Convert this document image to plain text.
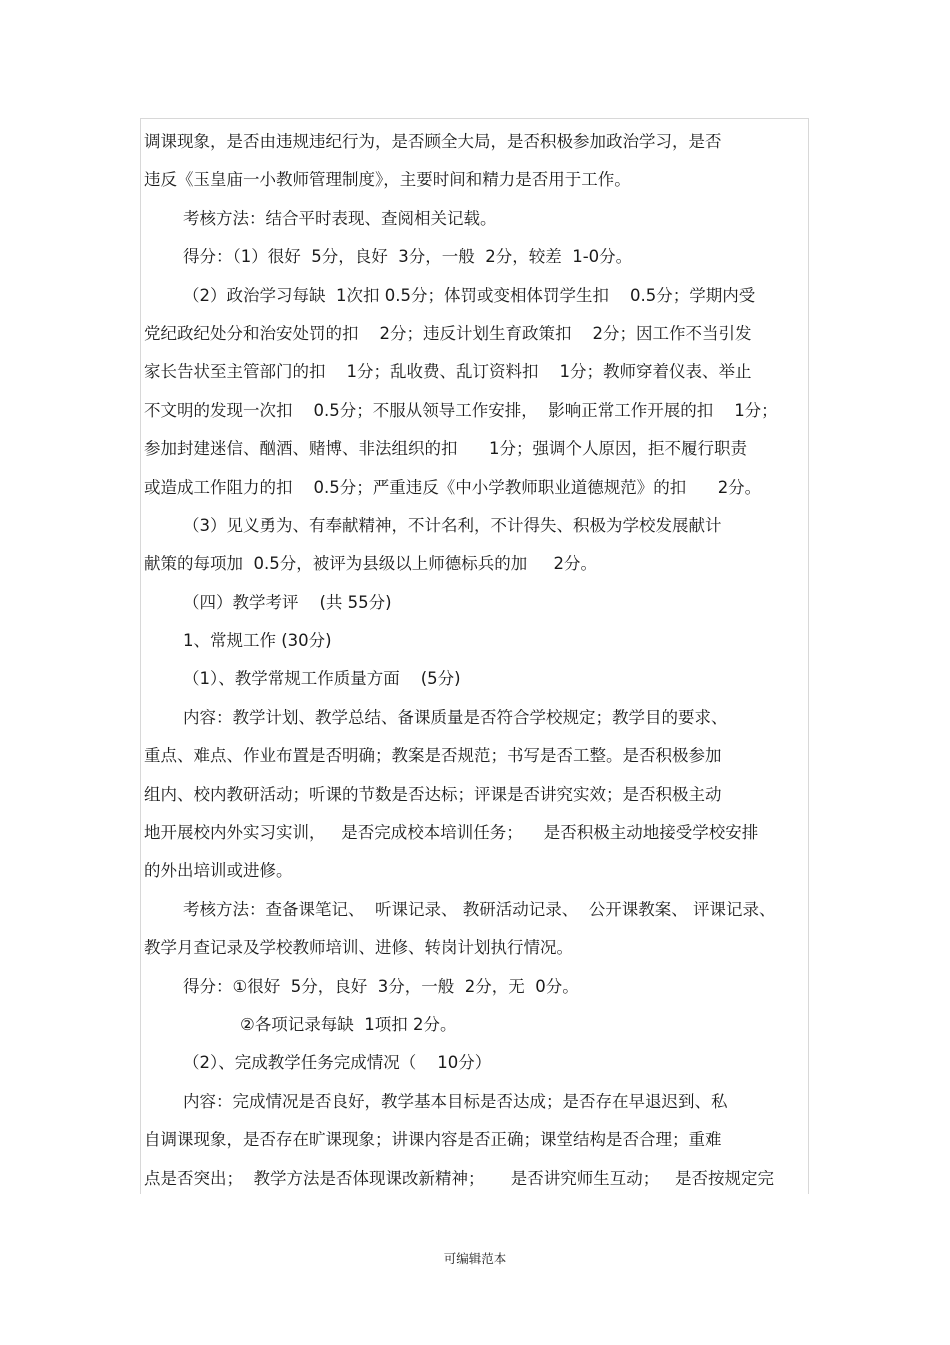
调课现象，是否由违规违纪行为，是否顾全大局，是否积极参加政治学习，是否
违反《玉皇庙一小教师管理制度》，主要时间和精力是否用于工作。
考核方法：结合平时表现、查阅相关记载。
得分：（1）很好  5分，良好  3分，一般  2分，较差  1-0分。
（2）政治学习每缺  1次扣 0.5分；体罚或变相体罚学生扣    0.5分；学期内受
党纪政纪处分和治安处罚的扣    2分；违反计划生育政策扣    2分；因工作不当引发
家长告状至主管部门的扣    1分；乱收费、乱订资料扣    1分；教师穿着仪表、举止
不文明的发现一次扣    0.5分；不服从领导工作安排，  影响正常工作开展的扣    1分；
参加封建迷信、酗酒、赌博、非法组织的扣      1分；强调个人原因，拒不履行职责
或造成工作阻力的扣    0.5分；严重违反《中小学教师职业道德规范》的扣      2分。
（3）见义勇为、有奉献精神，不计名利，不计得失、积极为学校发展献计
献策的每项加  0.5分，被评为县级以上师德标兵的加     2分。
（四）教学考评    (共 55分)
1、常规工作 (30分)
（1）、教学常规工作质量方面    (5分)
内容：教学计划、教学总结、备课质量是否符合学校规定；教学目的要求、
重点、难点、作业布置是否明确；教案是否规范；书写是否工整。是否积极参加
组内、校内教研活动；听课的节数是否达标；评课是否讲究实效；是否积极主动
地开展校内外实习实训，   是否完成校本培训任务；    是否积极主动地接受学校安排
的外出培训或进修。
考核方法：查备课笔记、  听课记录、 教研活动记录、  公开课教案、 评课记录、
教学月查记录及学校教师培训、进修、转岗计划执行情况。
得分：①很好  5分，良好  3分，一般  2分，无  0分。
②各项记录每缺  1项扣 2分。
（2）、完成教学任务完成情况（    10分）
内容：完成情况是否良好，教学基本目标是否达成；是否存在早退迟到、私
自调课现象，是否存在旷课现象；讲课内容是否正确；课堂结构是否合理；重难
点是否突出；  教学方法是否体现课改新精神；     是否讲究师生互动；   是否按规定完
可编辑范本
